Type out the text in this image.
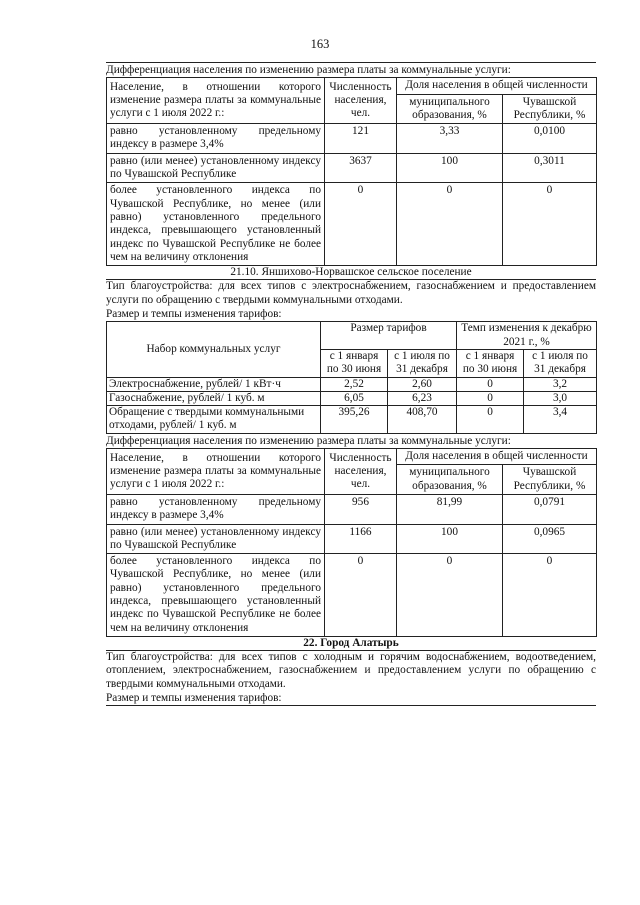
163
Дифференциация населения по изменению размера платы за коммунальные услуги:
Население, в отношении которого изменение размера платы за коммунальные услуги с 1 июля 2022 г.:	Численность населения, чел.	Доля населения в общей численности	
		муниципального образования, %	Чувашской Республики, %
равно установленному предельному индексу в размере 3,4%	121	3,33	0,0100
равно (или менее) установленному индексу по Чувашской Республике	3637	100	0,3011
более установленного индекса по Чувашской Республике, но менее (или равно) установленного предельного индекса, превышающего установленный индекс по Чувашской Республике не более чем на величину отклонения	0	0	0
21.10. Яншихово-Норвашское сельское поселение
Тип благоустройства: для всех типов с электроснабжением, газоснабжением и предоставлением услуги по обращению с твердыми коммунальными отходами.
Размер и темпы изменения тарифов:
Набор коммунальных услуг	Размер тарифов		Темп изменения к декабрю 2021 г., %	
	с 1 января по 30 июня	с 1 июля по 31 декабря	с 1 января по 30 июня	с 1 июля по 31 декабря
Электроснабжение, рублей/ 1 кВт·ч	2,52	2,60	0	3,2
Газоснабжение, рублей/ 1 куб. м	6,05	6,23	0	3,0
Обращение с твердыми коммунальными отходами, рублей/ 1 куб. м	395,26	408,70	0	3,4
Дифференциация населения по изменению размера платы за коммунальные услуги:
Население, в отношении которого изменение размера платы за коммунальные услуги с 1 июля 2022 г.:	Численность населения, чел.	Доля населения в общей численности	
		муниципального образования, %	Чувашской Республики, %
равно установленному предельному индексу в размере 3,4%	956	81,99	0,0791
равно (или менее) установленному индексу по Чувашской Республике	1166	100	0,0965
более установленного индекса по Чувашской Республике, но менее (или равно) установленного предельного индекса, превышающего установленный индекс по Чувашской Республике не более чем на величину отклонения	0	0	0
22. Город Алатырь
Тип благоустройства: для всех типов с холодным и горячим водоснабжением, водоотведением, отоплением, электроснабжением, газоснабжением и предоставлением услуги по обращению с твердыми коммунальными отходами.
Размер и темпы изменения тарифов:
